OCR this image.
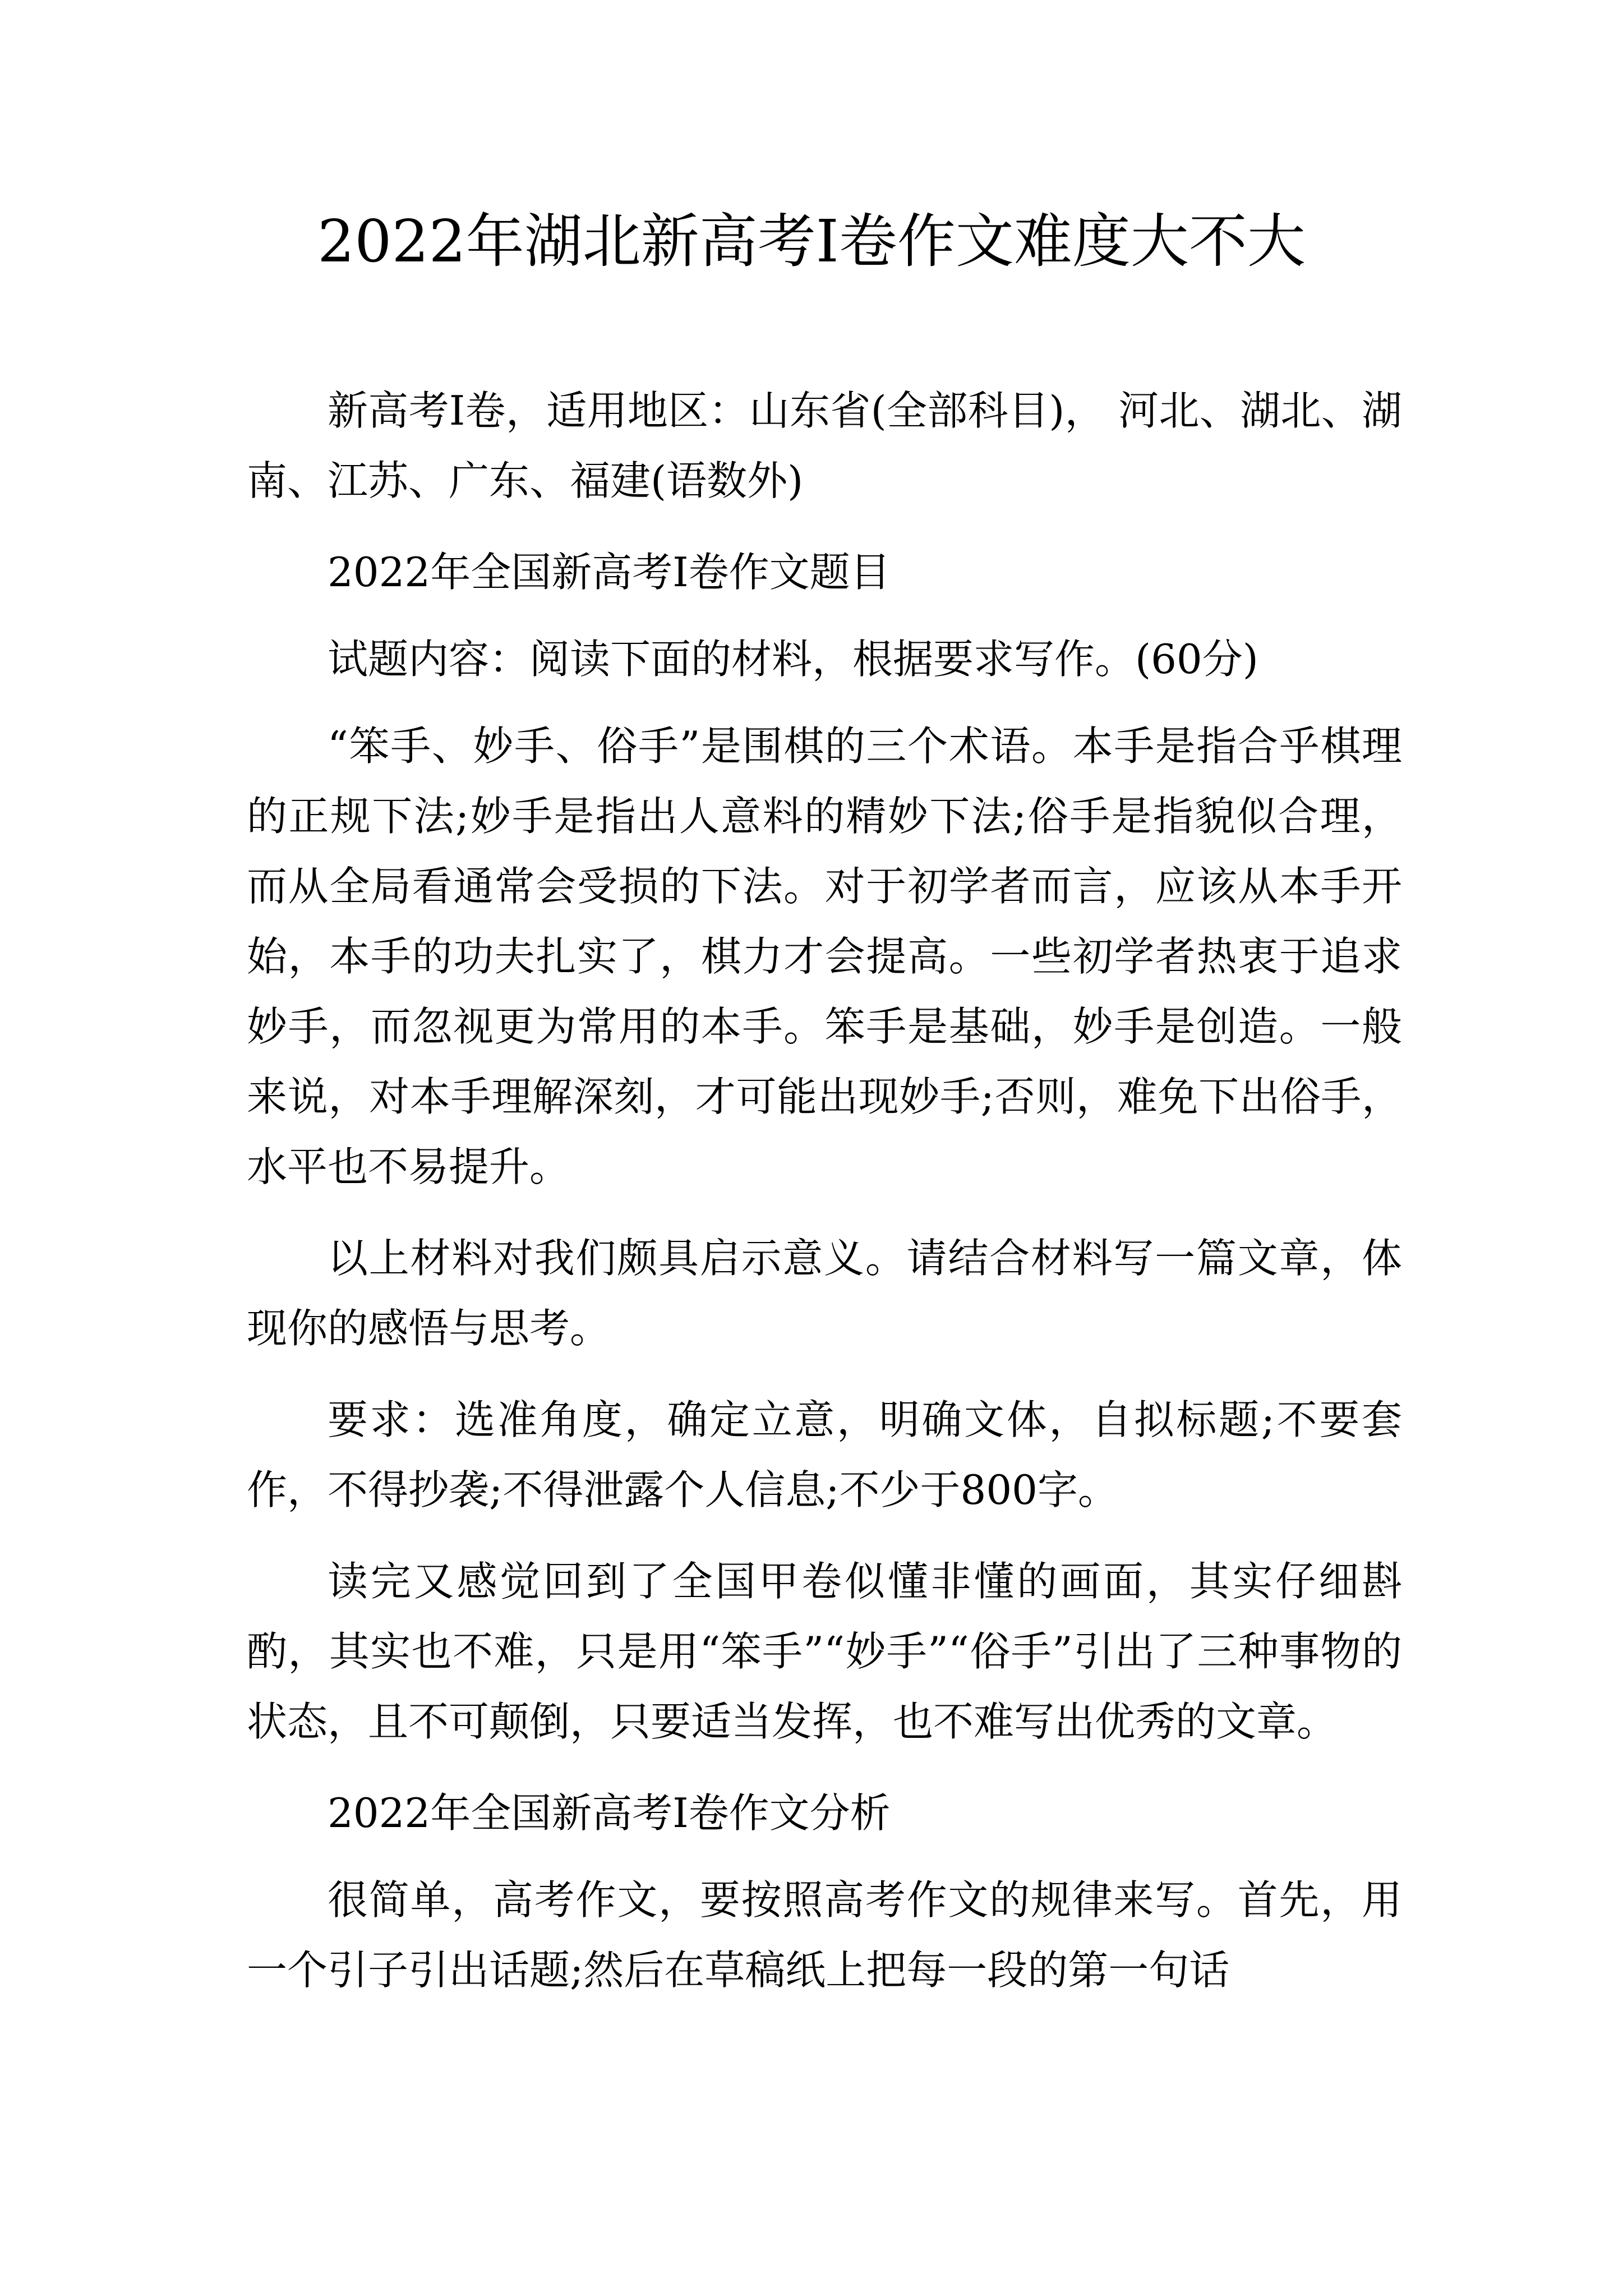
2022年湖北新高考Ⅰ卷作文难度大不大

新高考Ⅰ卷，适用地区：山东省(全部科目)， 河北、湖北、湖南、江苏、广东、福建(语数外)

2022年全国新高考Ⅰ卷作文题目

试题内容：阅读下面的材料，根据要求写作。(60分)

“笨手、妙手、俗手”是围棋的三个术语。本手是指合乎棋理的正规下法;妙手是指出人意料的精妙下法;俗手是指貌似合理，而从全局看通常会受损的下法。对于初学者而言，应该从本手开始，本手的功夫扎实了，棋力才会提高。一些初学者热衷于追求妙手，而忽视更为常用的本手。笨手是基础，妙手是创造。一般来说，对本手理解深刻，才可能出现妙手;否则，难免下出俗手，水平也不易提升。

以上材料对我们颇具启示意义。请结合材料写一篇文章，体现你的感悟与思考。

要求：选准角度，确定立意，明确文体，自拟标题;不要套作，不得抄袭;不得泄露个人信息;不少于800字。

读完又感觉回到了全国甲卷似懂非懂的画面，其实仔细斟酌，其实也不难，只是用“笨手”“妙手”“俗手”引出了三种事物的状态，且不可颠倒，只要适当发挥，也不难写出优秀的文章。

2022年全国新高考Ⅰ卷作文分析

很简单，高考作文，要按照高考作文的规律来写。首先，用一个引子引出话题;然后在草稿纸上把每一段的第一句话
